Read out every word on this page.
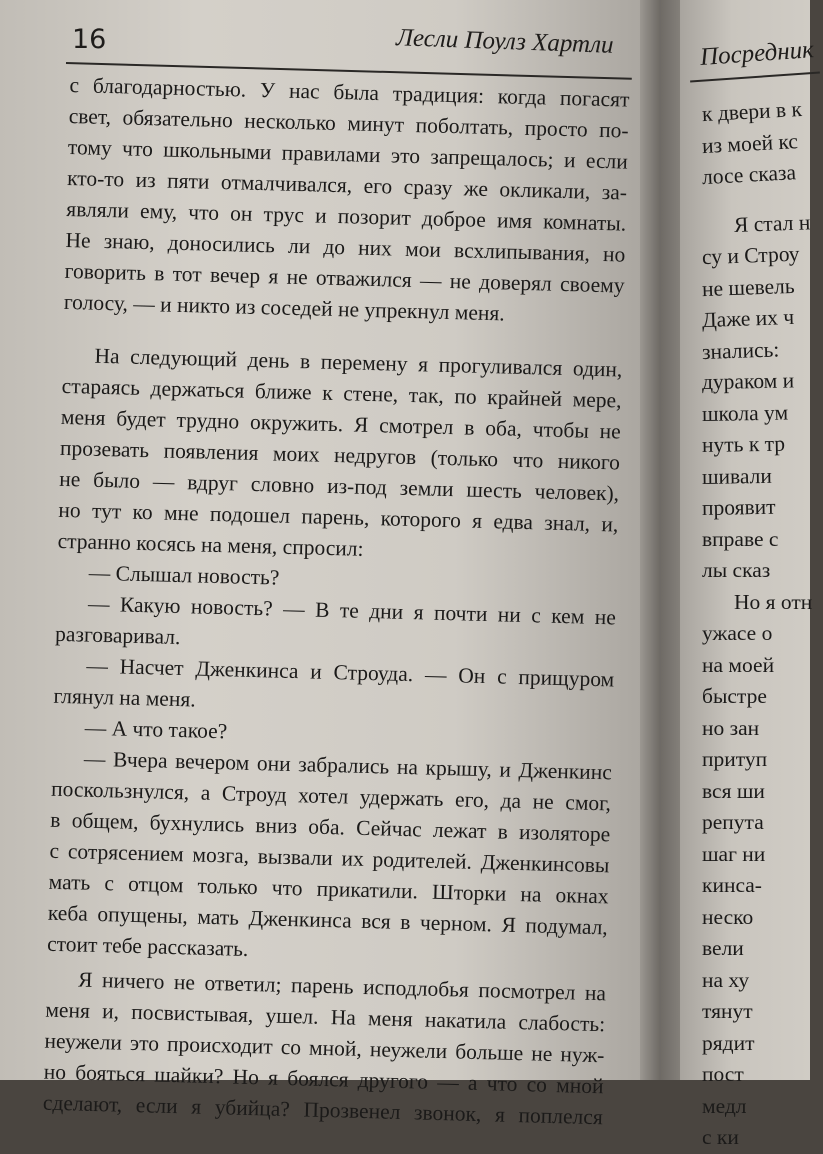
16	Лесли Поулз Хартли
с благодарностью. У нас была традиция: когда погасят
свет, обязательно несколько минут поболтать, просто по-
тому что школьными правилами это запрещалось; и если
кто-то из пяти отмалчивался, его сразу же окликали, за-
являли ему, что он трус и позорит доброе имя комнаты.
Не знаю, доносились ли до них мои всхлипывания, но
говорить в тот вечер я не отважился — не доверял своему
голосу, — и никто из соседей не упрекнул меня.
На следующий день в перемену я прогуливался один,
стараясь держаться ближе к стене, так, по крайней мере,
меня будет трудно окружить. Я смотрел в оба, чтобы не
прозевать появления моих недругов (только что никого
не было — вдруг словно из-под земли шесть человек),
но тут ко мне подошел парень, которого я едва знал, и,
странно косясь на меня, спросил:
— Слышал новость?
— Какую новость? — В те дни я почти ни с кем не
разговаривал.
— Насчет Дженкинса и Строуда. — Он с прищуром
глянул на меня.
— А что такое?
— Вчера вечером они забрались на крышу, и Дженкинс
поскользнулся, а Строуд хотел удержать его, да не смог,
в общем, бухнулись вниз оба. Сейчас лежат в изоляторе
с сотрясением мозга, вызвали их родителей. Дженкинсовы
мать с отцом только что прикатили. Шторки на окнах
кеба опущены, мать Дженкинса вся в черном. Я подумал,
стоит тебе рассказать.
Я ничего не ответил; парень исподлобья посмотрел на
меня и, посвистывая, ушел. На меня накатила слабость:
неужели это происходит со мной, неужели больше не нуж-
но бояться шайки? Но я боялся другого — а что со мной
сделают, если я убийца? Прозвенел звонок, я поплелся
Посредник
к двери в к
из моей кс
лосе сказа
Я стал н
су и Строу
не шевель
Даже их ч
знались:
дураком и
школа ум
нуть к тр
шивали
проявит
вправе с
лы сказ
Но я отн
ужасе о
на моей
быстре
но зан
притуп
вся ши
репута
шаг ни
кинса-
неско
вели
на ху
тянут
рядит
пост
медл
с ки
